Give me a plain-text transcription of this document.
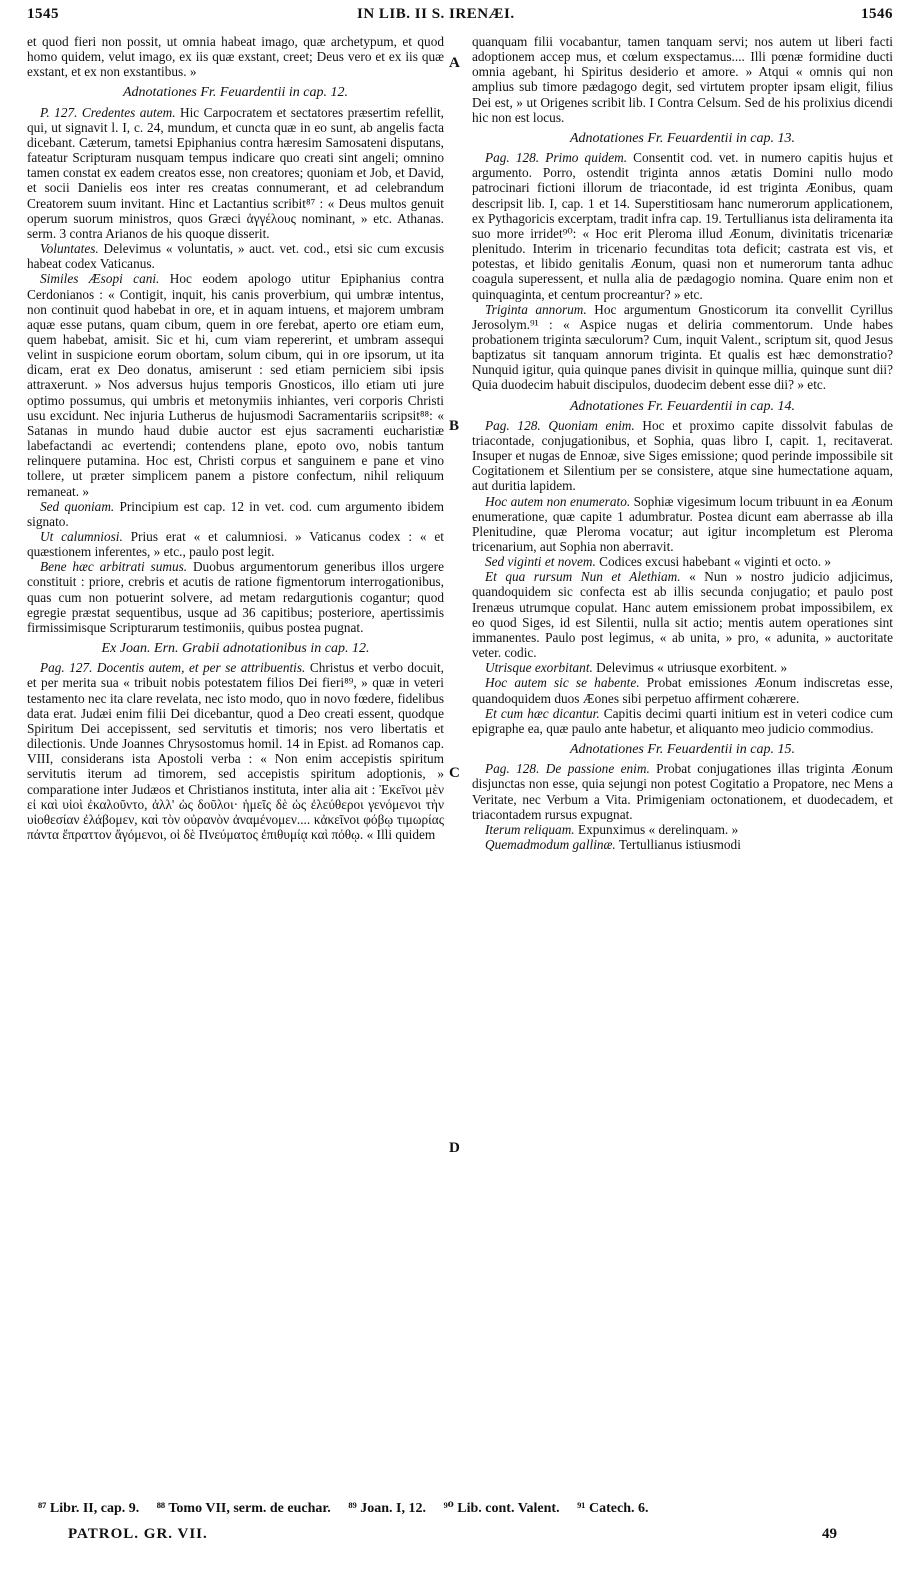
1545	IN LIB. II S. IRENÆI.	1546

et quod fieri non possit, ut omnia habeat imago, quæ archetypum, et quod homo quidem, velut imago, ex iis quæ exstant, creet; Deus vero et ex iis quæ exstant, et ex non exstantibus. »

Adnotationes Fr. Feuardentii in cap. 12.

P. 127. Credentes autem. Hic Carpocratem et sectatores præsertim refellit, qui, ut signavit l. I, c. 24, mundum, et cuncta quæ in eo sunt, ab angelis facta dicebant. Cæterum, tametsi Epiphanius contra hæresim Samosateni disputans, fateatur Scripturam nusquam tempus indicare quo creati sint angeli; omnino tamen constat ex eadem creatos esse, non creatores; quoniam et Job, et David, et socii Danielis eos inter res creatas connumerant, et ad celebrandum Creatorem suum invitant. Hinc et Lactantius scribit⁸⁷ : « Deus multos genuit operum suorum ministros, quos Græci ἀγγέλους nominant, » etc. Athanas. serm. 3 contra Arianos de his quoque disserit.

Voluntates. Delevimus « voluntatis, » auct. vet. cod., etsi sic cum excusis habeat codex Vaticanus.

Similes Æsopi cani. Hoc eodem apologo utitur Epiphanius contra Cerdonianos : « Contigit, inquit, his canis proverbium, qui umbræ intentus, non continuit quod habebat in ore, et in aquam intuens, et majorem umbram aquæ esse putans, quam cibum, quem in ore ferebat, aperto ore etiam eum, quem habebat, amisit. Sic et hi, cum viam repererint, et umbram assequi velint in suspicione eorum obortam, solum cibum, qui in ore ipsorum, ut ita dicam, erat ex Deo donatus, amiserunt : sed etiam perniciem sibi ipsis attraxerunt. » Nos adversus hujus temporis Gnosticos, illo etiam uti jure optimo possumus, qui umbris et metonymiis inhiantes, veri corporis Christi usu excidunt. Nec injuria Lutherus de hujusmodi Sacramentariis scripsit⁸⁸: « Satanas in mundo haud dubie auctor est ejus sacramenti eucharistiæ labefactandi ac evertendi; contendens plane, epoto ovo, nobis tantum relinquere putamina. Hoc est, Christi corpus et sanguinem e pane et vino tollere, ut præter simplicem panem a pistore confectum, nihil reliquum remaneat. »

Sed quoniam. Principium est cap. 12 in vet. cod. cum argumento ibidem signato.

Ut calumniosi. Prius erat « et calumniosi. » Vaticanus codex : « et quæstionem inferentes, » etc., paulo post legit.

Bene hæc arbitrati sumus. Duobus argumentorum generibus illos urgere constituit : priore, crebris et acutis de ratione figmentorum interrogationibus, quas cum non potuerint solvere, ad metam redargutionis cogantur; quod egregie præstat sequentibus, usque ad 36 capitibus; posteriore, apertissimis firmissimisque Scripturarum testimoniis, quibus postea pugnat.

Ex Joan. Ern. Grabii adnotationibus in cap. 12.

Pag. 127. Docentis autem, et per se attribuentis. Christus et verbo docuit, et per merita sua « tribuit nobis potestatem filios Dei fieri⁸⁹, » quæ in veteri testamento nec ita clare revelata, nec isto modo, quo in novo fœdere, fidelibus data erat. Judæi enim filii Dei dicebantur, quod a Deo creati essent, quodque Spiritum Dei accepissent, sed servitutis et timoris; nos vero libertatis et dilectionis. Unde Joannes Chrysostomus homil. 14 in Epist. ad Romanos cap. VIII, considerans ista Apostoli verba : « Non enim accepistis spiritum servitutis iterum ad timorem, sed accepistis spiritum adoptionis, » comparatione inter Judæos et Christianos instituta, inter alia ait : Ἐκεῖνοι μὲν εἰ καὶ υἱοὶ ἐκαλοῦντο, ἀλλ' ὡς δοῦλοι· ἡμεῖς δὲ ὡς ἐλεύθεροι γενόμενοι τὴν υἱοθεσίαν ἐλάβομεν, καὶ τὸν οὐρανὸν ἀναμένομεν.... κἀκεῖνοι φόβῳ τιμωρίας πάντα ἔπραττον ἄγόμενοι, οἱ δὲ Πνεύματος ἐπιθυμίᾳ καὶ πόθῳ. « Illi quidem

quanquam filii vocabantur, tamen tanquam servi; nos autem ut liberi facti adoptionem accep mus, et cœlum exspectamus.... Illi pœnæ formidine ducti omnia agebant, hi Spiritus desiderio et amore. » Atqui « omnis qui non amplius sub timore pædagogo degit, sed virtutem propter ipsam eligit, filius Dei est, » ut Origenes scribit lib. I Contra Celsum. Sed de his prolixius dicendi hic non est locus.

Adnotationes Fr. Feuardentii in cap. 13.

Pag. 128. Primo quidem. Consentit cod. vet. in numero capitis hujus et argumento. Porro, ostendit triginta annos ætatis Domini nullo modo patrocinari fictioni illorum de triacontade, id est triginta Æonibus, quam descripsit lib. I, cap. 1 et 14. Superstitiosam hanc numerorum applicationem, ex Pythagoricis excerptam, tradit infra cap. 19. Tertullianus ista deliramenta ita suo more irridet⁹⁰: « Hoc erit Pleroma illud Æonum, divinitatis tricenariæ plenitudo. Interim in tricenario fecunditas tota deficit; castrata est vis, et potestas, et libido genitalis Æonum, quasi non et numerorum tanta adhuc coagula superessent, et nulla alia de pædagogio nomina. Quare enim non et quinquaginta, et centum procreantur? » etc.

Triginta annorum. Hoc argumentum Gnosticorum ita convellit Cyrillus Jerosolym.⁹¹ : « Aspice nugas et deliria commentorum. Unde habes probationem triginta sæculorum? Cum, inquit Valent., scriptum sit, quod Jesus baptizatus sit tanquam annorum triginta. Et qualis est hæc demonstratio? Nunquid igitur, quia quinque panes divisit in quinque millia, quinque sunt dii? Quia duodecim habuit discipulos, duodecim debent esse dii? » etc.

Adnotationes Fr. Feuardentii in cap. 14.

Pag. 128. Quoniam enim. Hoc et proximo capite dissolvit fabulas de triacontade, conjugationibus, et Sophia, quas libro I, capit. 1, recitaverat. Insuper et nugas de Ennoæ, sive Siges emissione; quod perinde impossibile sit Cogitationem et Silentium per se consistere, atque sine humectatione aquam, aut duritia lapidem.

Hoc autem non enumerato. Sophiæ vigesimum locum tribuunt in ea Æonum enumeratione, quæ capite 1 adumbratur. Postea dicunt eam aberrasse ab illa Plenitudine, quæ Pleroma vocatur; aut igitur incompletum est Pleroma tricenarium, aut Sophia non aberravit.

Sed viginti et novem. Codices excusi habebant « viginti et octo. »

Et qua rursum Nun et Alethiam. « Nun » nostro judicio adjicimus, quandoquidem sic confecta est ab illis secunda conjugatio; et paulo post Irenæus utrumque copulat. Hanc autem emissionem probat impossibilem, ex eo quod Siges, id est Silentii, nulla sit actio; mentis autem operationes sint immanentes. Paulo post legimus, « ab unita, » pro, « adunita, » auctoritate veter. codic.

Utrisque exorbitant. Delevimus « utriusque exorbitent. »

Hoc autem sic se habente. Probat emissiones Æonum indiscretas esse, quandoquidem duos Æones sibi perpetuo affirment cohærere.

Et cum hæc dicantur. Capitis decimi quarti initium est in veteri codice cum epigraphe ea, quæ paulo ante habetur, et aliquanto meo judicio commodius.

Adnotationes Fr. Feuardentii in cap. 15.

Pag. 128. De passione enim. Probat conjugationes illas triginta Æonum disjunctas non esse, quia sejungi non potest Cogitatio a Propatore, nec Mens a Veritate, nec Verbum a Vita. Primigeniam octonationem, et duodecadem, et triacontadem rursus expugnat.

Iterum reliquam. Expunximus « derelinquam. »

Quemadmodum gallinæ. Tertullianus istiusmodi

A
B
C
D
⁸⁷ Libr. II, cap. 9. ⁸⁸ Tomo VII, serm. de euchar. ⁸⁹ Joan. I, 12. ⁹⁰ Lib. cont. Valent. ⁹¹ Catech. 6.
PATROL. GR. VII.	49
